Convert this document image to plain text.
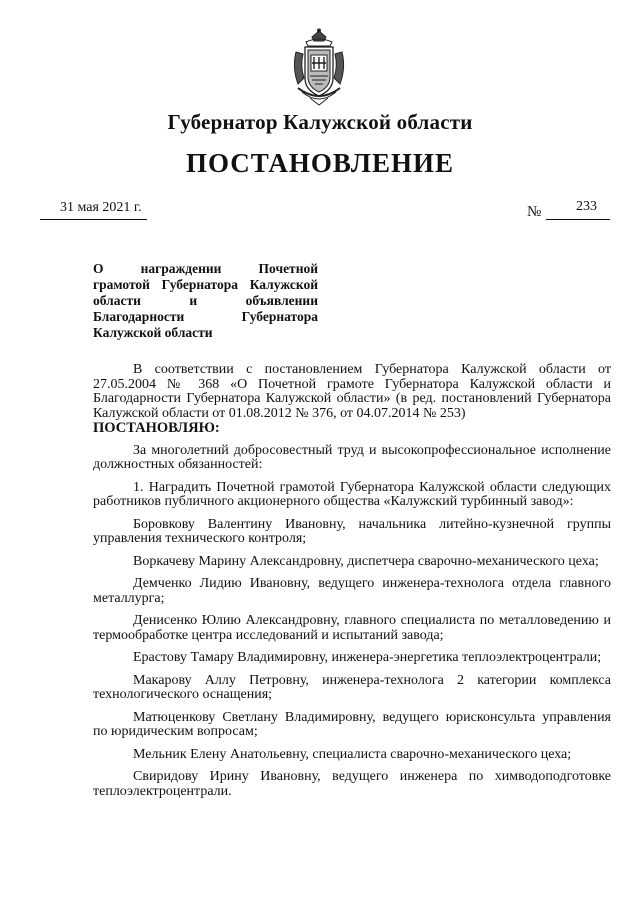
Губернатор Калужской области
ПОСТАНОВЛЕНИЕ
31 мая 2021 г.	№ 233
О награждении Почетной
грамотой Губернатора Калужской
области и объявлении
Благодарности Губернатора
Калужской области

В соответствии с постановлением Губернатора Калужской области от 27.05.2004 № 368 «О Почетной грамоте Губернатора Калужской области и Благодарности Губернатора Калужской области» (в ред. постановлений Губернатора Калужской области от 01.08.2012 № 376, от 04.07.2014 № 253)

ПОСТАНОВЛЯЮ:

За многолетний добросовестный труд и высокопрофессиональное исполнение должностных обязанностей:

1. Наградить Почетной грамотой Губернатора Калужской области следующих работников публичного акционерного общества «Калужский турбинный завод»:

Боровкову Валентину Ивановну, начальника литейно-кузнечной группы управления технического контроля;

Воркачеву Марину Александровну, диспетчера сварочно-механического цеха;

Демченко Лидию Ивановну, ведущего инженера-технолога отдела главного металлурга;

Денисенко Юлию Александровну, главного специалиста по металловедению и термообработке центра исследований и испытаний завода;

Ерастову Тамару Владимировну, инженера-энергетика теплоэлектроцентрали;

Макарову Аллу Петровну, инженера-технолога 2 категории комплекса технологического оснащения;

Матюценкову Светлану Владимировну, ведущего юрисконсульта управления по юридическим вопросам;

Мельник Елену Анатольевну, специалиста сварочно-механического цеха;

Свиридову Ирину Ивановну, ведущего инженера по химводоподготовке теплоэлектроцентрали.
